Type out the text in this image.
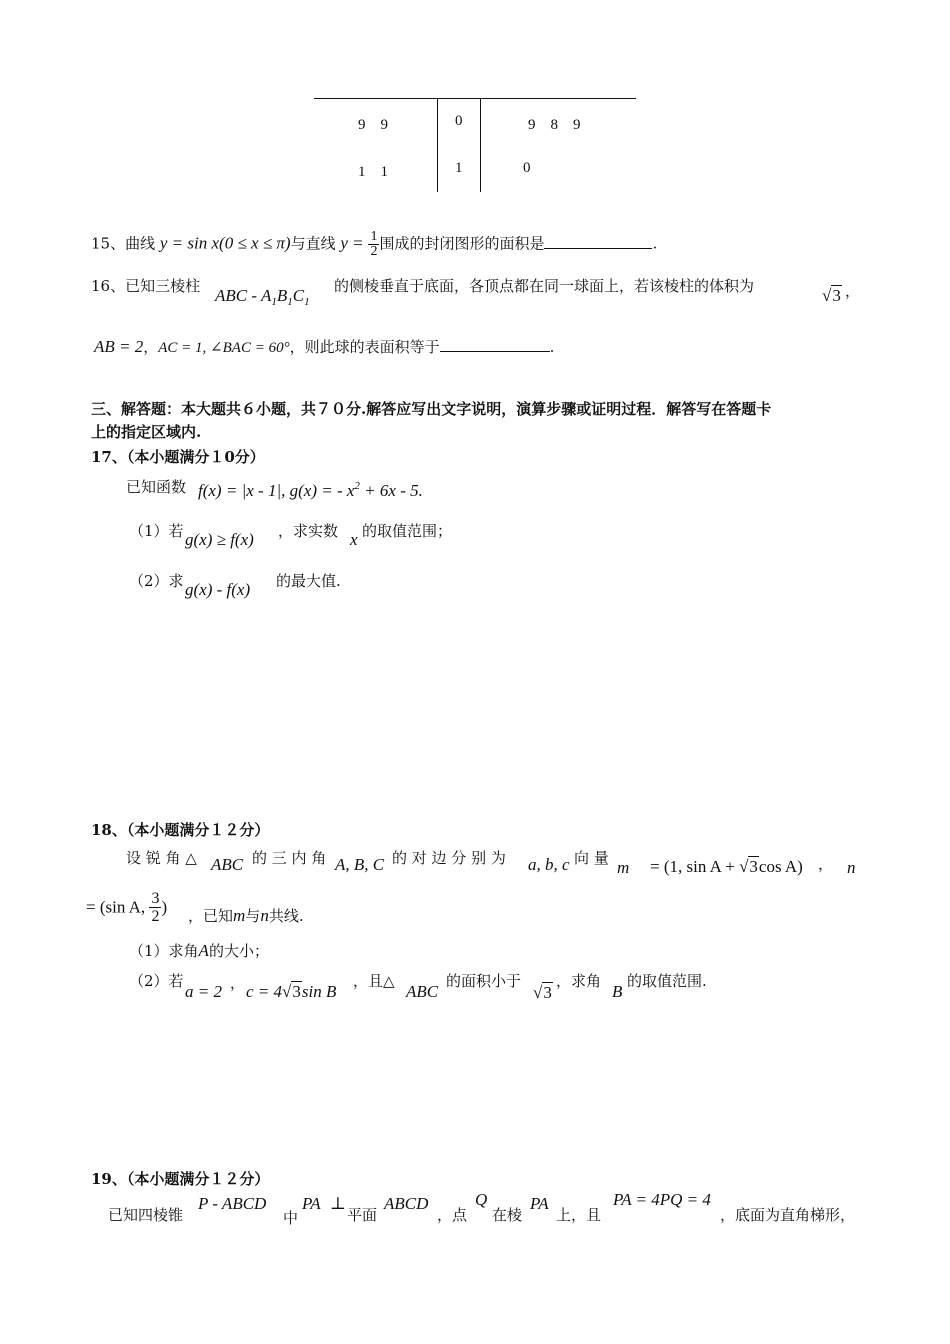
9　9	0	9　8　9
1　1	1	0
15、曲线 y = sin x(0 ≤ x ≤ π)与直线 $y = \frac{1}{2}$ 围成的封闭图形的面积是	.
16、已知三棱柱 ABC - $A_1B_1C_1$
的侧棱垂直于底面，各顶点都在同一球面上，若该棱柱的体积为	√3 ，
AB = 2，AC = 1, ∠BAC = 60°，则此球的表面积等于	.
三、解答题：本大题共６小题，共７０分.解答应写出文字说明，演算步骤或证明过程．解答写在答题卡
上的指定区域内.
17、（本小题满分１0分）
已知函数 f(x) = |x - 1|, g(x) = - $x^2 + 6x - 5$.
（1）若 g(x) ≥ f(x) ，求实数 x 的取值范围；
（2）求 g(x) - f(x) 的最大值.
18、（本小题满分１２分）
设 锐 角 △ ABC 的 三 内 角 A, B, C 的 对 边 分 别 为 a, b, c 向 量 m = (1, sin A + √3cos A) ， n
= (sin A, $\frac{3}{2}$ ) ，已知m与n共线.
（1）求角A的大小；
（2）若
a = 2 ， c = 4√3sin B
，且△
ABC
的面积小于
√3
，求角
B
的取值范围.
19、（本小题满分１２分）
已知四棱锥
P - ABCD
中
PA ⊥
平面
ABCD
，点
Q
在棱
PA
上，且
PA = 4PQ = 4
，底面为直角梯形，
